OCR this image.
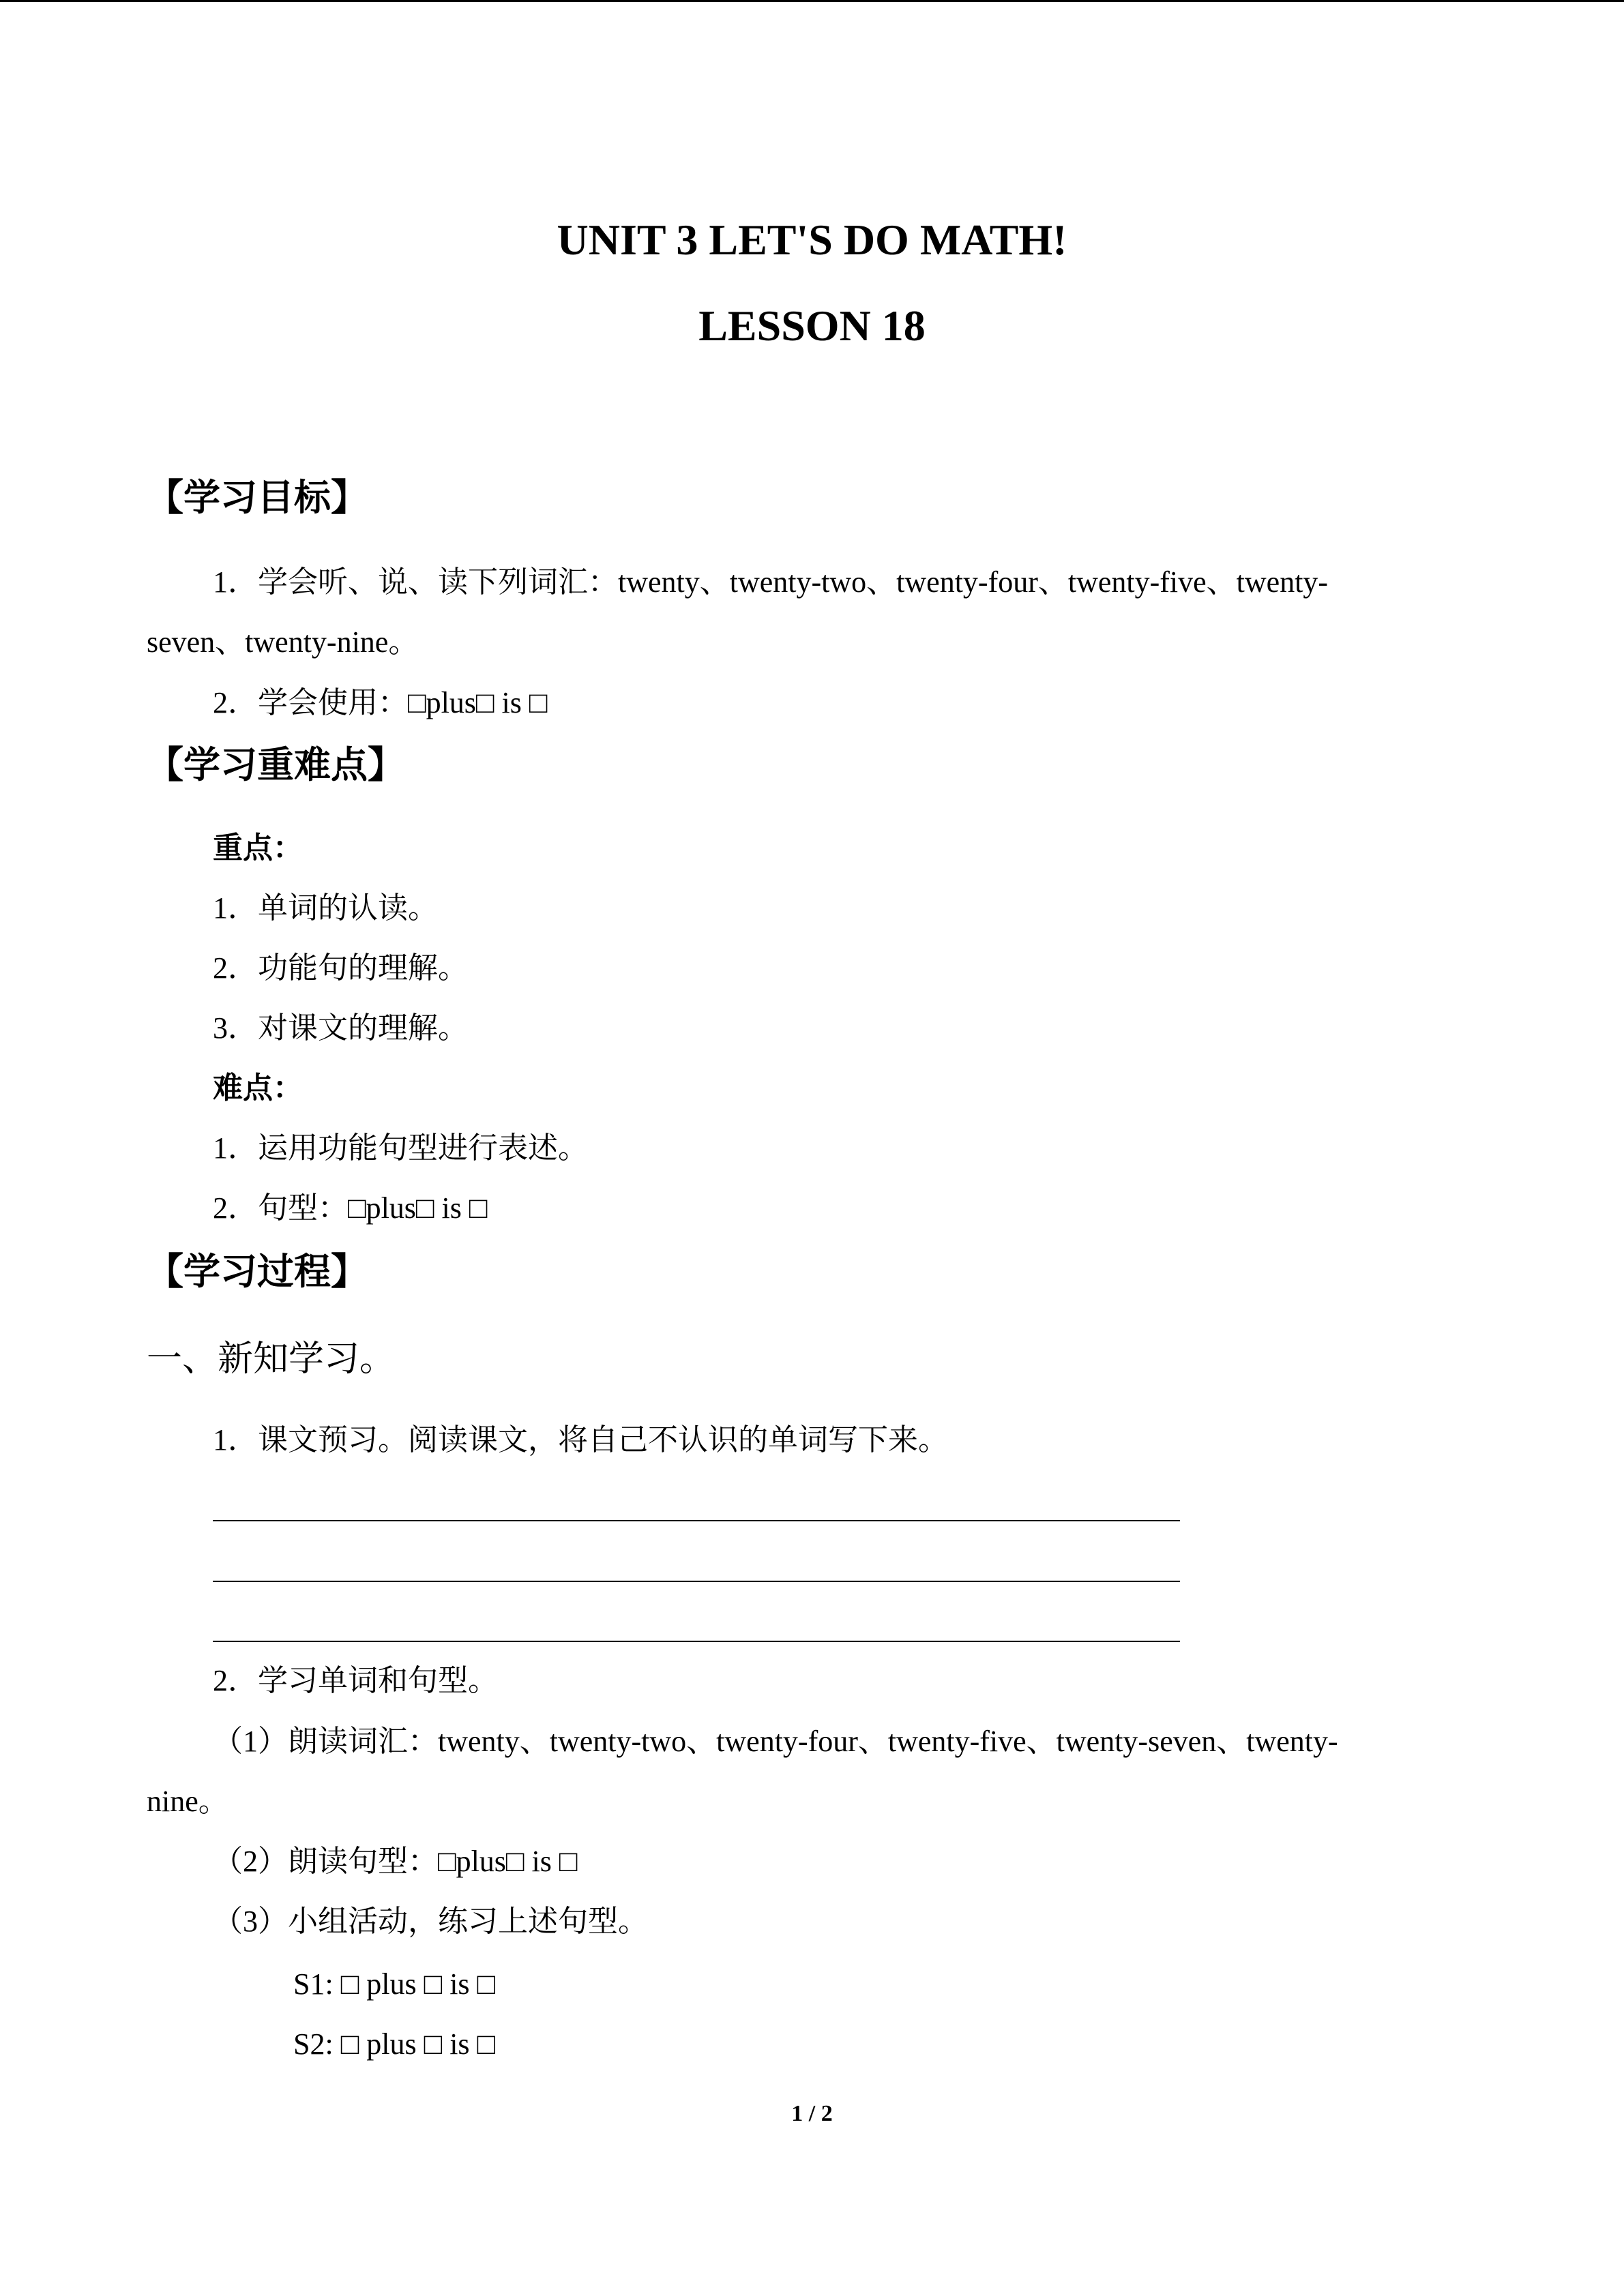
UNIT 3 LET'S DO MATH!
LESSON 18
【学习目标】
1．学会听、说、读下列词汇：twenty、twenty-two、twenty-four、twenty-five、twenty-
seven、twenty-nine。
2．学会使用：□plus□ is □
【学习重难点】
重点：
1．单词的认读。
2．功能句的理解。
3．对课文的理解。
难点：
1．运用功能句型进行表述。
2．句型：□plus□ is □
【学习过程】
一、新知学习。
1．课文预习。阅读课文，将自己不认识的单词写下来。
2．学习单词和句型。
（1）朗读词汇：twenty、twenty-two、twenty-four、twenty-five、twenty-seven、twenty-
nine。
（2）朗读句型：□plus□ is □
（3）小组活动，练习上述句型。
S1: □ plus □ is □
S2: □ plus □ is □
1 / 2
